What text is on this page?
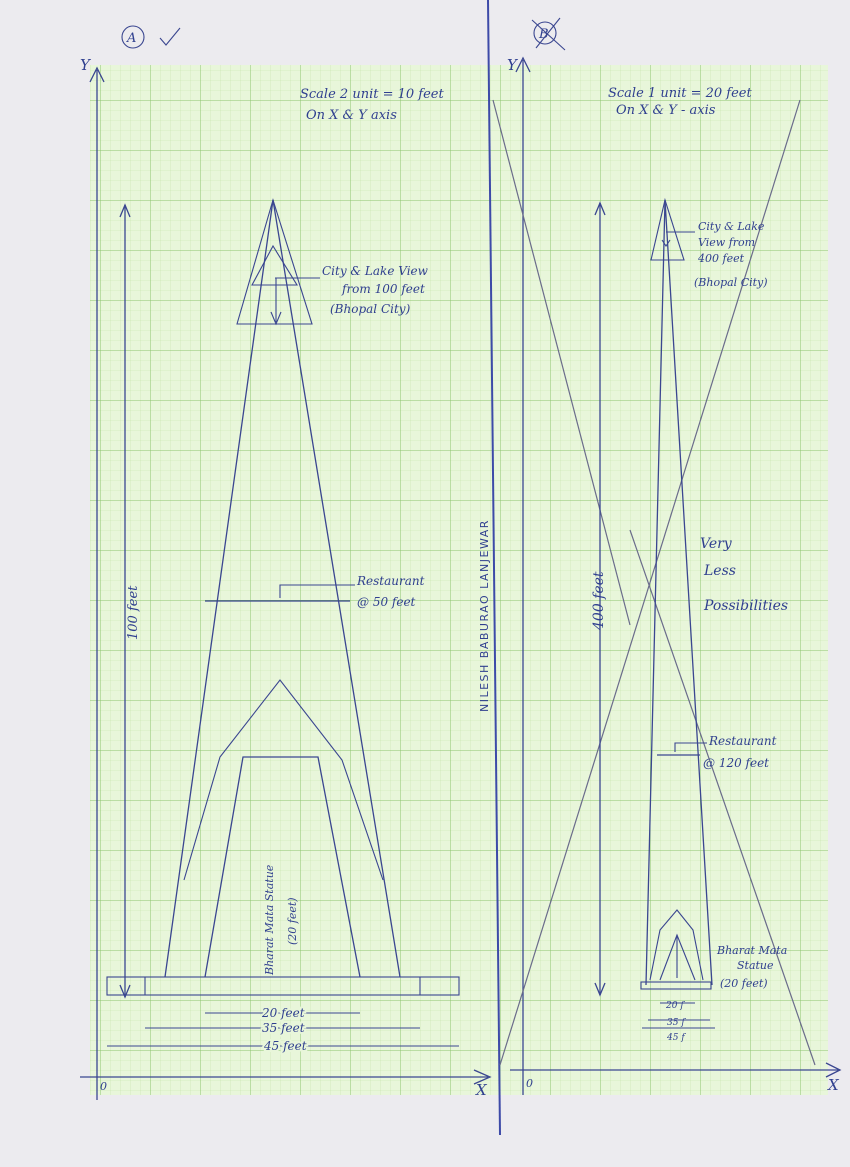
A
Y
X
0
Scale 2 unit = 10 feet
On X & Y axis
100 feet
City & Lake View
from 100 feet
(Bhopal City)
Restaurant
@ 50 feet
Bharat Mata Statue (20 feet)
20 feet
35 feet
45 feet
NILESH BABURAO LANJEWAR
B
Y
X
0
Scale 1 unit = 20 feet
On X & Y - axis
400 feet
City & Lake
View from
400 feet
(Bhopal City)
Very
Less
Possibilities
Restaurant
@ 120 feet
Bharat Mata
Statue
(20 feet)
20 f
35 f
45 f
